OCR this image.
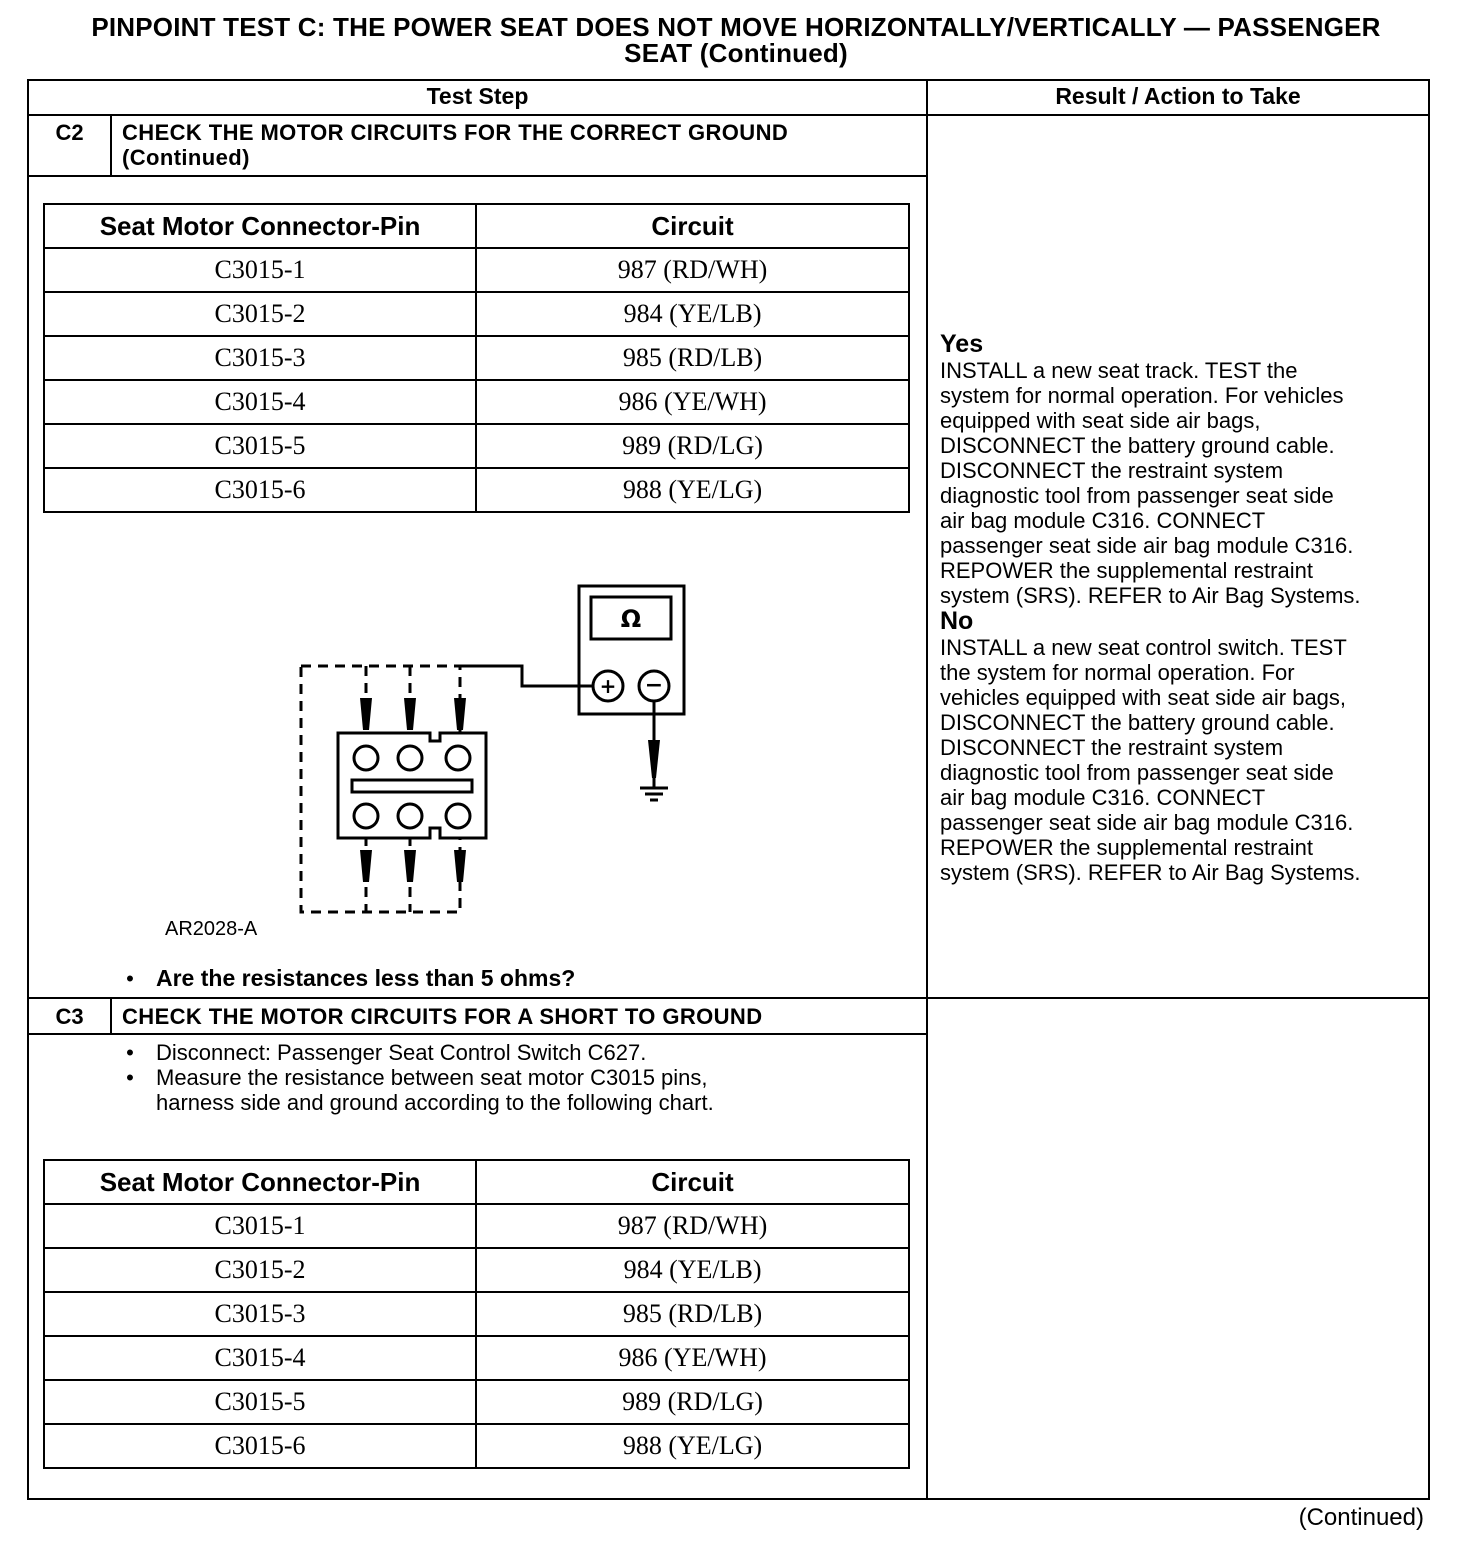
PINPOINT TEST C: THE POWER SEAT DOES NOT MOVE HORIZONTALLY/VERTICALLY — PASSENGER
SEAT (Continued)
Test Step	Result / Action to Take
C2	CHECK THE MOTOR CIRCUITS FOR THE CORRECT GROUND
(Continued)
Seat Motor Connector-Pin	Circuit
C3015-1	987 (RD/WH)
C3015-2	984 (YE/LB)
C3015-3	985 (RD/LB)
C3015-4	986 (YE/WH)
C3015-5	989 (RD/LG)
C3015-6	988 (YE/LG)
Ω
+ −
AR2028-A
• Are the resistances less than 5 ohms?
Yes
INSTALL a new seat track. TEST the
system for normal operation. For vehicles
equipped with seat side air bags,
DISCONNECT the battery ground cable.
DISCONNECT the restraint system
diagnostic tool from passenger seat side
air bag module C316. CONNECT
passenger seat side air bag module C316.
REPOWER the supplemental restraint
system (SRS). REFER to Air Bag Systems.
No
INSTALL a new seat control switch. TEST
the system for normal operation. For
vehicles equipped with seat side air bags,
DISCONNECT the battery ground cable.
DISCONNECT the restraint system
diagnostic tool from passenger seat side
air bag module C316. CONNECT
passenger seat side air bag module C316.
REPOWER the supplemental restraint
system (SRS). REFER to Air Bag Systems.
C3	CHECK THE MOTOR CIRCUITS FOR A SHORT TO GROUND
• Disconnect: Passenger Seat Control Switch C627.
• Measure the resistance between seat motor C3015 pins,
harness side and ground according to the following chart.
Seat Motor Connector-Pin	Circuit
C3015-1	987 (RD/WH)
C3015-2	984 (YE/LB)
C3015-3	985 (RD/LB)
C3015-4	986 (YE/WH)
C3015-5	989 (RD/LG)
C3015-6	988 (YE/LG)
(Continued)
